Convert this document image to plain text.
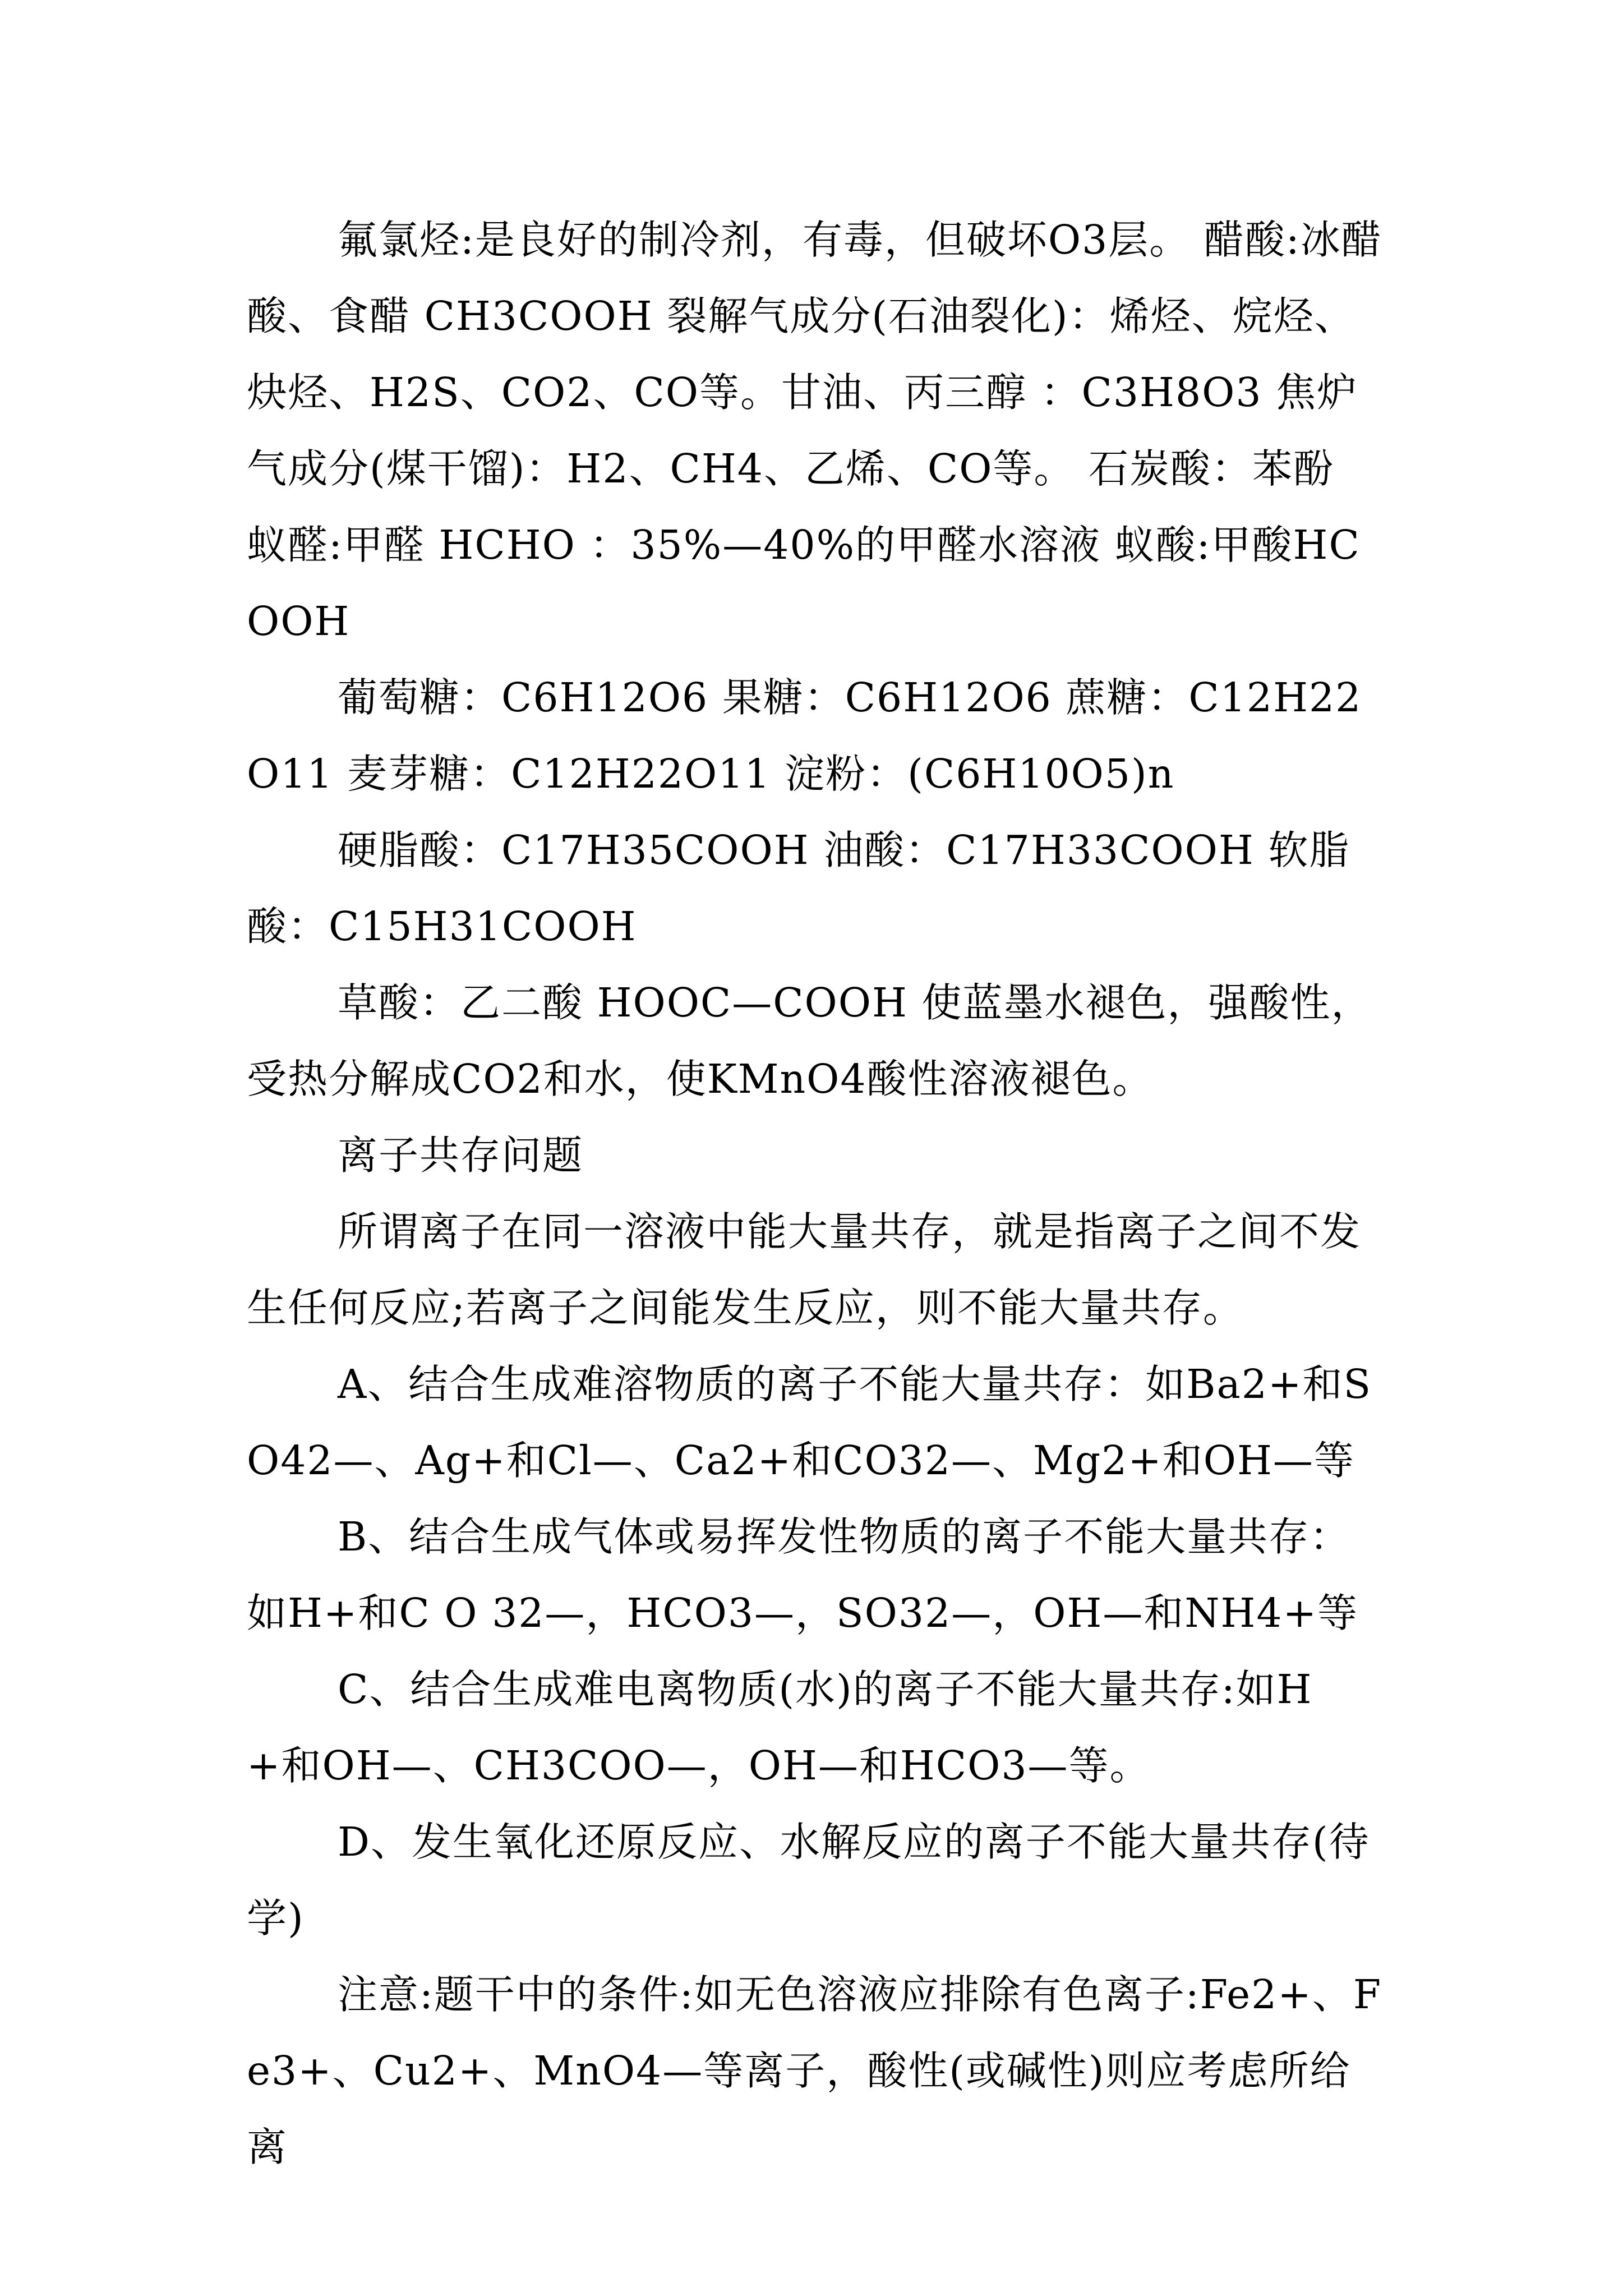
氟氯烃:是良好的制冷剂，有毒，但破坏O3层。 醋酸:冰醋酸、食醋 CH3COOH 裂解气成分(石油裂化)：烯烃、烷烃、炔烃、H2S、CO2、CO等。甘油、丙三醇 ：C3H8O3 焦炉气成分(煤干馏)：H2、CH4、乙烯、CO等。 石炭酸：苯酚 蚁醛:甲醛 HCHO ：35%—40%的甲醛水溶液 蚁酸:甲酸HCOOH

葡萄糖：C6H12O6 果糖：C6H12O6 蔗糖：C12H22O11 麦芽糖：C12H22O11 淀粉：(C6H10O5)n

硬脂酸：C17H35COOH 油酸：C17H33COOH 软脂酸：C15H31COOH

草酸：乙二酸 HOOC—COOH 使蓝墨水褪色，强酸性，受热分解成CO2和水，使KMnO4酸性溶液褪色。

离子共存问题

所谓离子在同一溶液中能大量共存，就是指离子之间不发生任何反应;若离子之间能发生反应，则不能大量共存。

A、结合生成难溶物质的离子不能大量共存：如Ba2+和SO42—、Ag+和Cl—、Ca2+和CO32—、Mg2+和OH—等

B、结合生成气体或易挥发性物质的离子不能大量共存：如H+和C O 32—，HCO3—，SO32—，OH—和NH4+等

C、结合生成难电离物质(水)的离子不能大量共存:如H+和OH—、CH3COO—，OH—和HCO3—等。

D、发生氧化还原反应、水解反应的离子不能大量共存(待学)

注意:题干中的条件:如无色溶液应排除有色离子:Fe2+、Fe3+、Cu2+、MnO4—等离子，酸性(或碱性)则应考虑所给离
